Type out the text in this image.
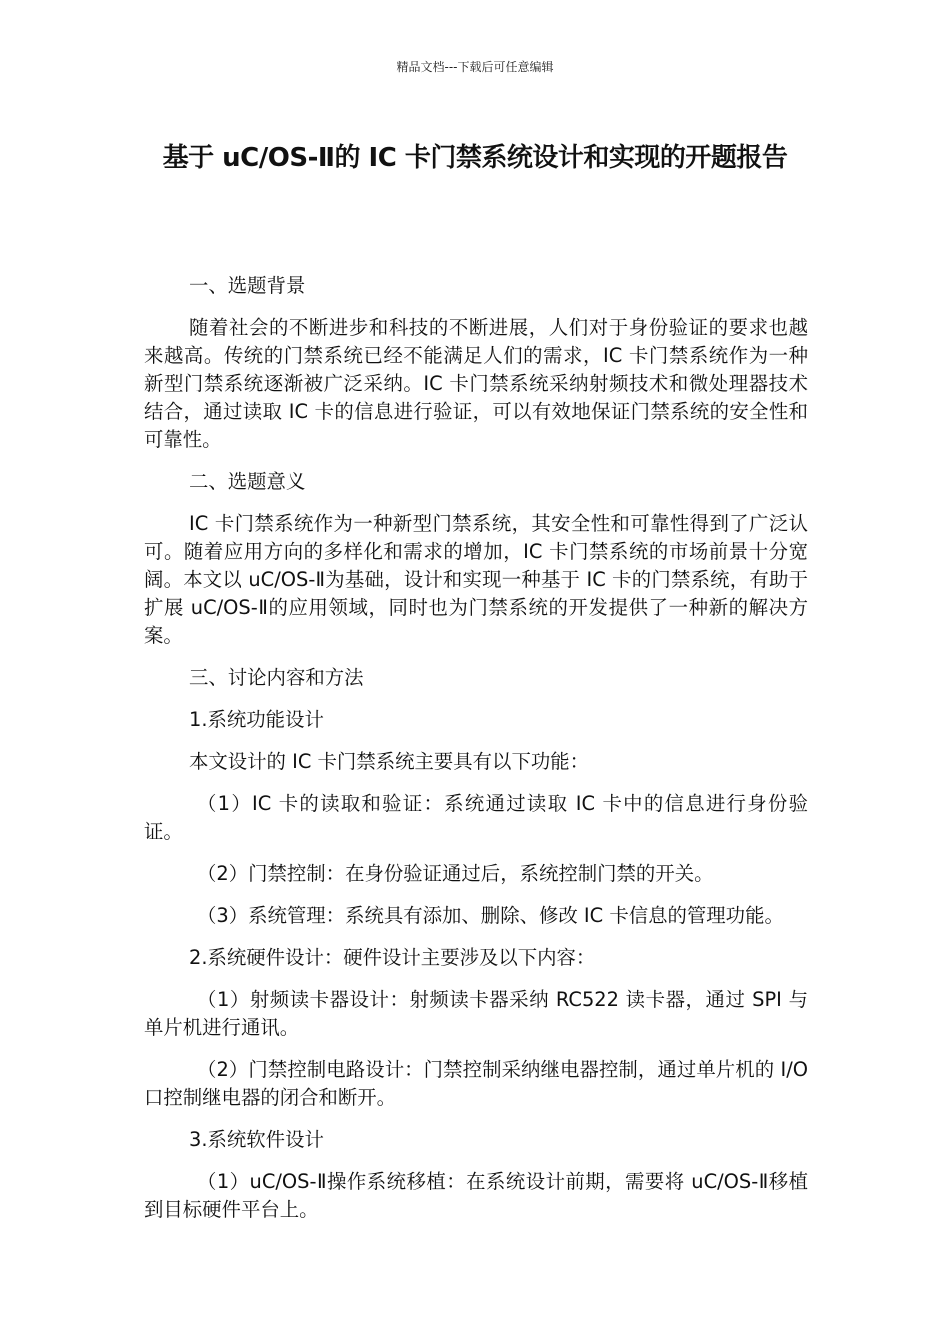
精品文档---下载后可任意编辑
基于 uC/OS-Ⅱ的 IC 卡门禁系统设计和实现的开题报告

一、选题背景

随着社会的不断进步和科技的不断进展，人们对于身份验证的要求也越来越高。传统的门禁系统已经不能满足人们的需求，IC 卡门禁系统作为一种新型门禁系统逐渐被广泛采纳。IC 卡门禁系统采纳射频技术和微处理器技术结合，通过读取 IC 卡的信息进行验证，可以有效地保证门禁系统的安全性和可靠性。

二、选题意义

IC 卡门禁系统作为一种新型门禁系统，其安全性和可靠性得到了广泛认可。随着应用方向的多样化和需求的增加，IC 卡门禁系统的市场前景十分宽阔。本文以 uC/OS-Ⅱ为基础，设计和实现一种基于 IC 卡的门禁系统，有助于扩展 uC/OS-Ⅱ的应用领域，同时也为门禁系统的开发提供了一种新的解决方案。

三、讨论内容和方法

1.系统功能设计

本文设计的 IC 卡门禁系统主要具有以下功能：

（1）IC 卡的读取和验证：系统通过读取 IC 卡中的信息进行身份验证。

（2）门禁控制：在身份验证通过后，系统控制门禁的开关。

（3）系统管理：系统具有添加、删除、修改 IC 卡信息的管理功能。

2.系统硬件设计：硬件设计主要涉及以下内容：

（1）射频读卡器设计：射频读卡器采纳 RC522 读卡器，通过 SPI 与单片机进行通讯。

（2）门禁控制电路设计：门禁控制采纳继电器控制，通过单片机的 I/O 口控制继电器的闭合和断开。

3.系统软件设计

（1）uC/OS-Ⅱ操作系统移植：在系统设计前期，需要将 uC/OS-Ⅱ移植到目标硬件平台上。
